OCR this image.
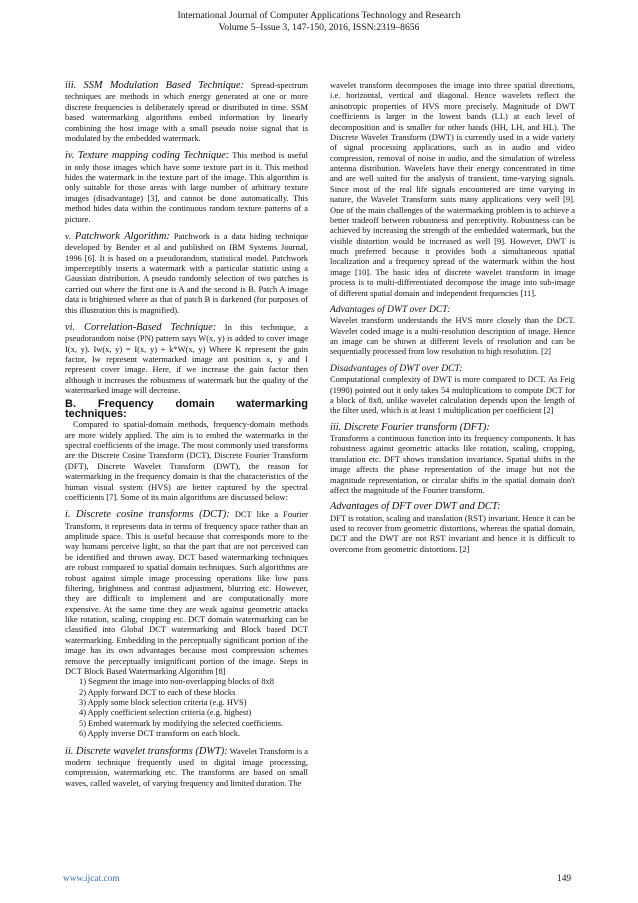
International Journal of Computer Applications Technology and Research
Volume 5–Issue 3, 147-150, 2016, ISSN:2319–8656

iii. SSM Modulation Based Technique: Spread-spectrum techniques are methods in which energy generated at one or more discrete frequencies is deliberately spread or distributed in time. SSM based watermarking algorithms embed information by linearly combining the host image with a small pseudo noise signal that is modulated by the embedded watermark.

iv. Texture mapping coding Technique: This method is useful in only those images which have some texture part in it. This method hides the watermark in the texture part of the image. This algorithm is only suitable for those areas with large number of arbitrary texture images (disadvantage) [3], and cannot be done automatically. This method hides data within the continuous random texture patterns of a picture.

v. Patchwork Algorithm: Patchwork is a data hiding technique developed by Bender et al and published on IBM Systems Journal, 1996 [6]. It is based on a pseudorandom, statistical model. Patchwork imperceptibly inserts a watermark with a particular statistic using a Gaussian distribution. A pseudo randomly selection of two patches is carried out where the first one is A and the second is B. Patch A image data is brightened where as that of patch B is darkened (for purposes of this illustration this is magnified).

vi. Correlation-Based Technique: In this technique, a pseudorandom noise (PN) pattern says W(x, y) is added to cover image I(x, y). Iw(x, y) = I(x, y) + k*W(x, y) Where K represent the gain factor, Iw represent watermarked image ant position x, y and I represent cover image. Here, if we increase the gain factor then although it increases the robustness of watermark but the quality of the watermarked image will decrease.

B. Frequency domain watermarking techniques:

Compared to spatial-domain methods, frequency-domain methods are more widely applied. The aim is to embed the watermarks in the spectral coefficients of the image. The most commonly used transforms are the Discrete Cosine Transform (DCT), Discrete Fourier Transform (DFT), Discrete Wavelet Transform (DWT), the reason for watermarking in the frequency domain is that the characteristics of the human visual system (HVS) are better captured by the spectral coefficients [7]. Some of its main algorithms are discussed below:

i. Discrete cosine transforms (DCT): DCT like a Fourier Transform, it represents data in terms of frequency space rather than an amplitude space. This is useful because that corresponds more to the way humans perceive light, so that the part that are not perceived can be identified and thrown away. DCT based watermarking techniques are robust compared to spatial domain techniques. Such algorithms are robust against simple image processing operations like low pass filtering, brightness and contrast adjustment, blurring etc. However, they are difficult to implement and are computationally more expensive. At the same time they are weak against geometric attacks like rotation, scaling, cropping etc. DCT domain watermarking can be classified into Global DCT watermarking and Block based DCT watermarking. Embedding in the perceptually significant portion of the image has its own advantages because most compression schemes remove the perceptually insignificant portion of the image. Steps in DCT Block Based Watermarking Algorithm [8]

1) Segment the image into non-overlapping blocks of 8x8
2) Apply forward DCT to each of these blocks
3) Apply some block selection criteria (e.g. HVS)
4) Apply coefficient selection criteria (e.g. highest)
5) Embed watermark by modifying the selected coefficients.
6) Apply inverse DCT transform on each block.

ii. Discrete wavelet transforms (DWT): Wavelet Transform is a modern technique frequently used in digital image processing, compression, watermarking etc. The transforms are based on small waves, called wavelet, of varying frequency and limited duration. The

wavelet transform decomposes the image into three spatial directions, i.e. horizontal, vertical and diagonal. Hence wavelets reflect the anisotropic properties of HVS more precisely. Magnitude of DWT coefficients is larger in the lowest bands (LL) at each level of decomposition and is smaller for other bands (HH, LH, and HL). The Discrete Wavelet Transform (DWT) is currently used in a wide variety of signal processing applications, such as in audio and video compression, removal of noise in audio, and the simulation of wireless antenna distribution. Wavelets have their energy concentrated in time and are well suited for the analysis of transient, time-varying signals. Since most of the real life signals encountered are time varying in nature, the Wavelet Transform suits many applications very well [9]. One of the main challenges of the watermarking problem is to achieve a better tradeoff between robustness and perceptivity. Robustness can be achieved by increasing the strength of the embedded watermark, but the visible distortion would be increased as well [9]. However, DWT is much preferred because it provides both a simultaneous spatial localization and a frequency spread of the watermark within the host image [10]. The basic idea of discrete wavelet transform in image process is to multi-differentiated decompose the image into sub-image of different spatial domain and independent frequencies [11].

Advantages of DWT over DCT:

Wavelet transform understands the HVS more closely than the DCT. Wavelet coded image is a multi-resolution description of image. Hence an image can be shown at different levels of resolution and can be sequentially processed from low resolution to high resolution. [2]

Disadvantages of DWT over DCT:

Computational complexity of DWT is more compared to DCT. As Feig (1990) pointed out it only takes 54 multiplications to compute DCT for a block of 8x8, unlike wavelet calculation depends upon the length of the filter used, which is at least 1 multiplication per coefficient [2]

iii. Discrete Fourier transform (DFT):

Transforms a continuous function into its frequency components. It has robustness against geometric attacks like rotation, scaling, cropping, translation etc. DFT shows translation invariance. Spatial shifts in the image affects the phase representation of the image but not the magnitude representation, or circular shifts in the spatial domain don't affect the magnitude of the Fourier transform.

Advantages of DFT over DWT and DCT:

DFT is rotation, scaling and translation (RST) invariant. Hence it can be used to recover from geometric distortions, whereas the spatial domain, DCT and the DWT are not RST invariant and hence it is difficult to overcome from geometric distortions. [2]

www.ijcat.com	149
